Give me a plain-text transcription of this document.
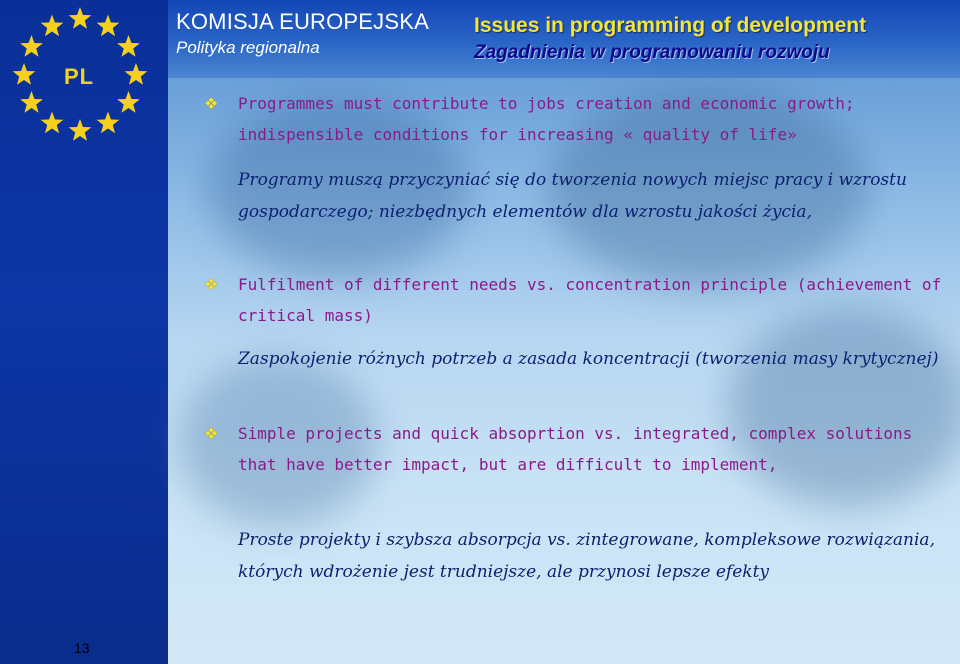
PL
13
KOMISJA EUROPEJSKA
Polityka regionalna
Issues in programming of development
Zagadnienia w programowaniu rozwoju
❖ Programmes must contribute to jobs creation and economic growth; indispensible conditions for increasing « quality of life»

Programy muszą przyczyniać się do tworzenia nowych miejsc pracy i wzrostu gospodarczego; niezbędnych elementów dla wzrostu jakości życia,

❖ Fulfilment of different needs vs. concentration principle (achievement of critical mass)

Zaspokojenie różnych potrzeb a zasada koncentracji (tworzenia masy krytycznej)

❖ Simple projects and quick absoprtion vs. integrated, complex solutions that have better impact, but are difficult to implement,

Proste projekty i szybsza absorpcja vs. zintegrowane, kompleksowe rozwiązania, których wdrożenie jest trudniejsze, ale przynosi lepsze efekty
